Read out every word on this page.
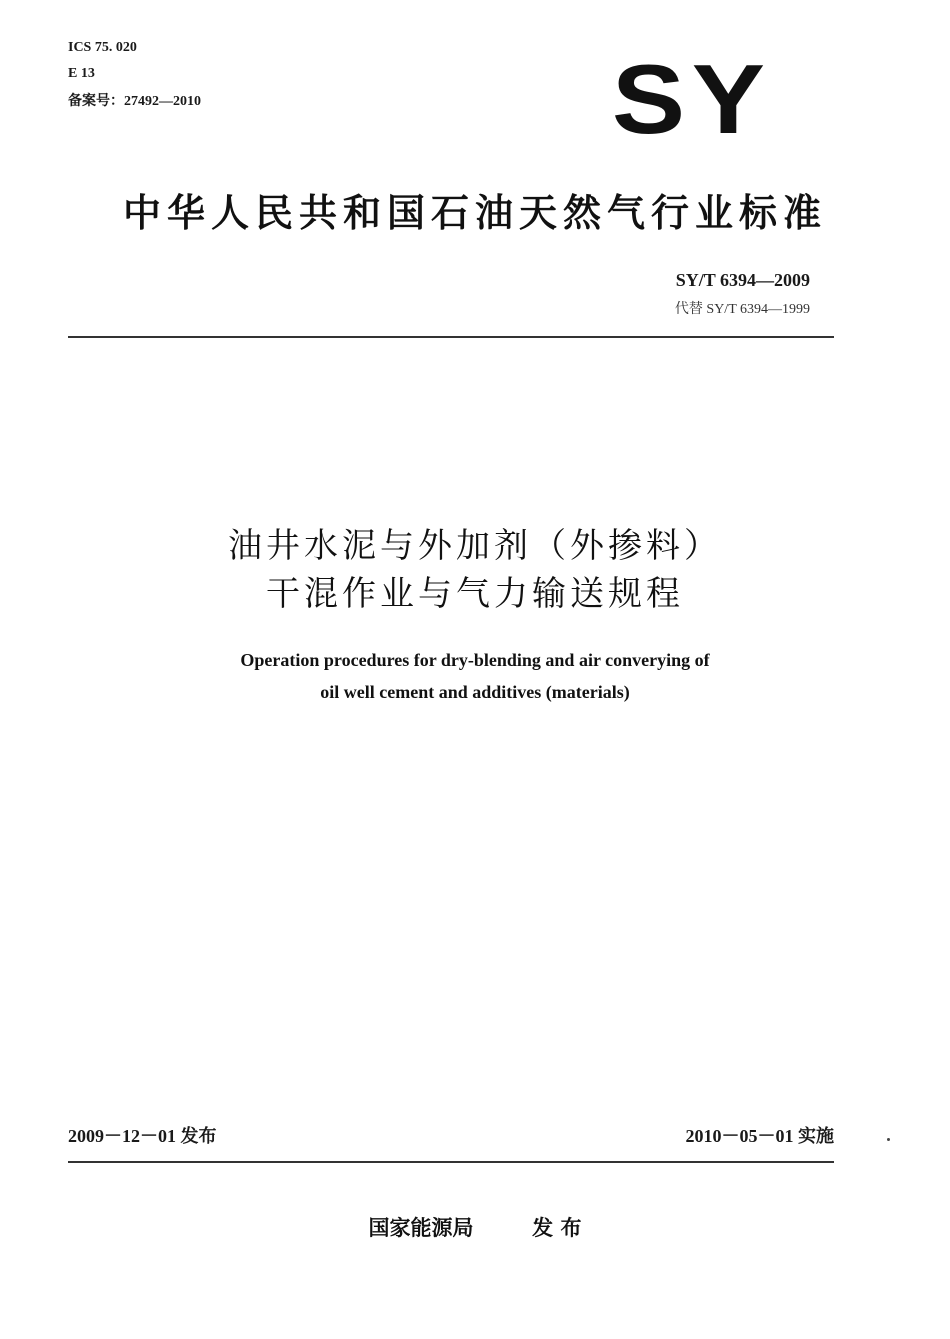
ICS 75. 020
E 13
备案号：27492—2010	SY
中华人民共和国石油天然气行业标准
SY/T 6394—2009
代替 SY/T 6394—1999
油井水泥与外加剂（外掺料）
干混作业与气力输送规程
Operation procedures for dry-blending and air converying of
oil well cement and additives (materials)
2009－12－01 发布	2010－05－01 实施
国家能源局	发 布
